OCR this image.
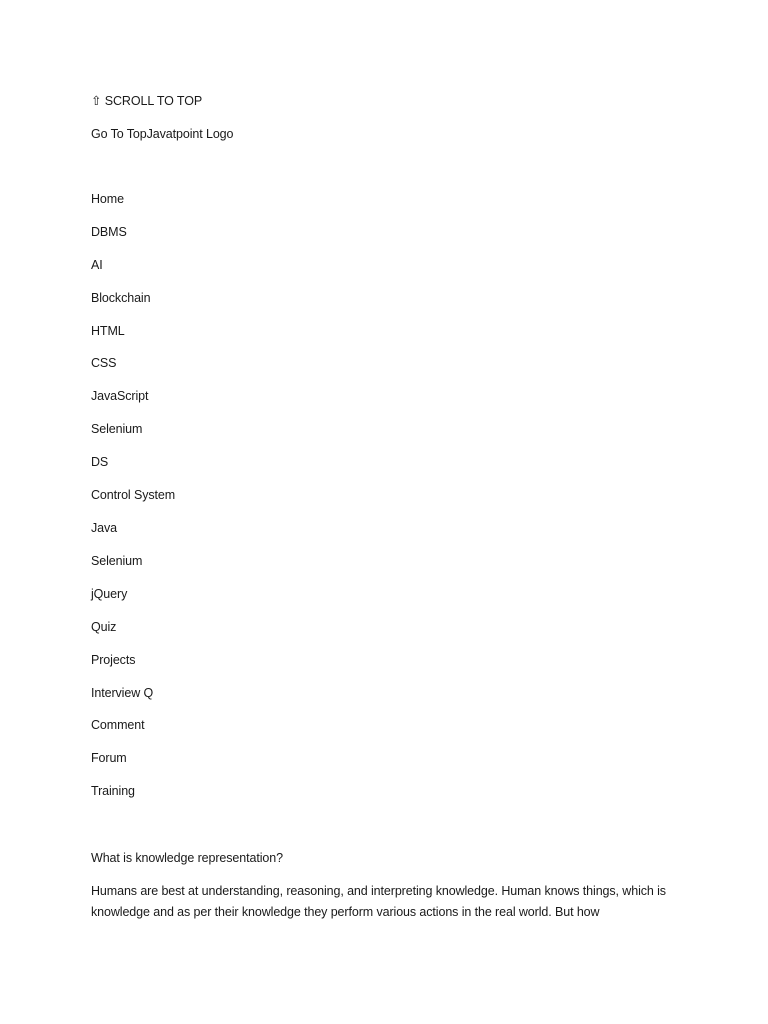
⇧ SCROLL TO TOP
Go To TopJavatpoint Logo
Home
DBMS
AI
Blockchain
HTML
CSS
JavaScript
Selenium
DS
Control System
Java
Selenium
jQuery
Quiz
Projects
Interview Q
Comment
Forum
Training
What is knowledge representation?
Humans are best at understanding, reasoning, and interpreting knowledge. Human knows things, which is knowledge and as per their knowledge they perform various actions in the real world. But how
